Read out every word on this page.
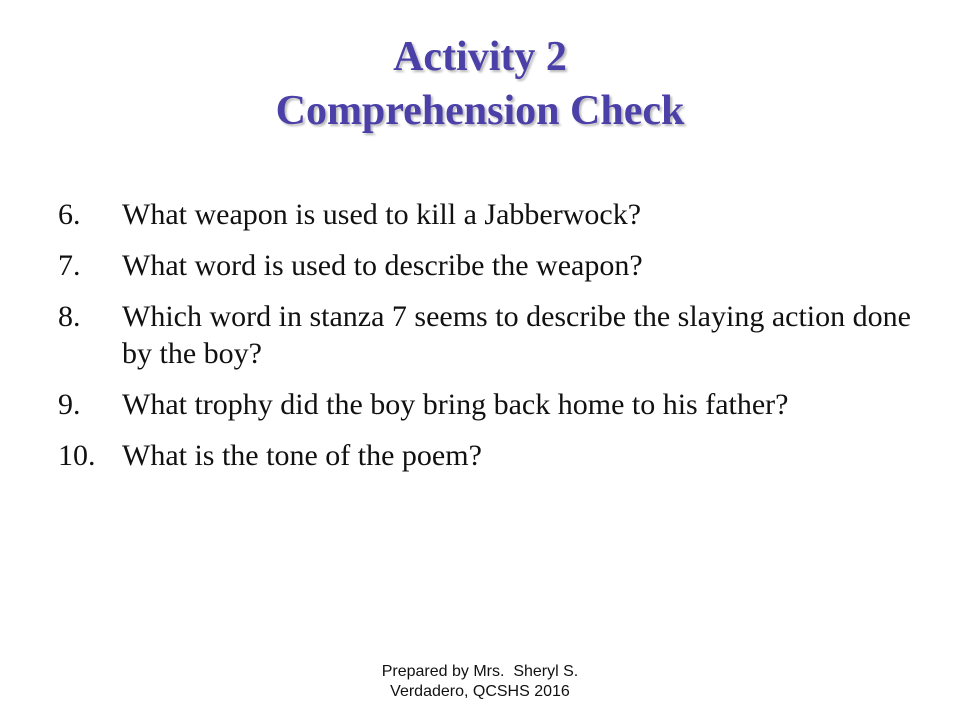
Activity 2
Comprehension Check
6.	What weapon is used to kill a Jabberwock?
7.	What word is used to describe the weapon?
8.	Which word in stanza 7 seems to describe the slaying action done by the boy?
9.	What trophy did the boy bring back home to his father?
10. What is the tone of the poem?
Prepared by Mrs.  Sheryl S.
Verdadero, QCSHS 2016
